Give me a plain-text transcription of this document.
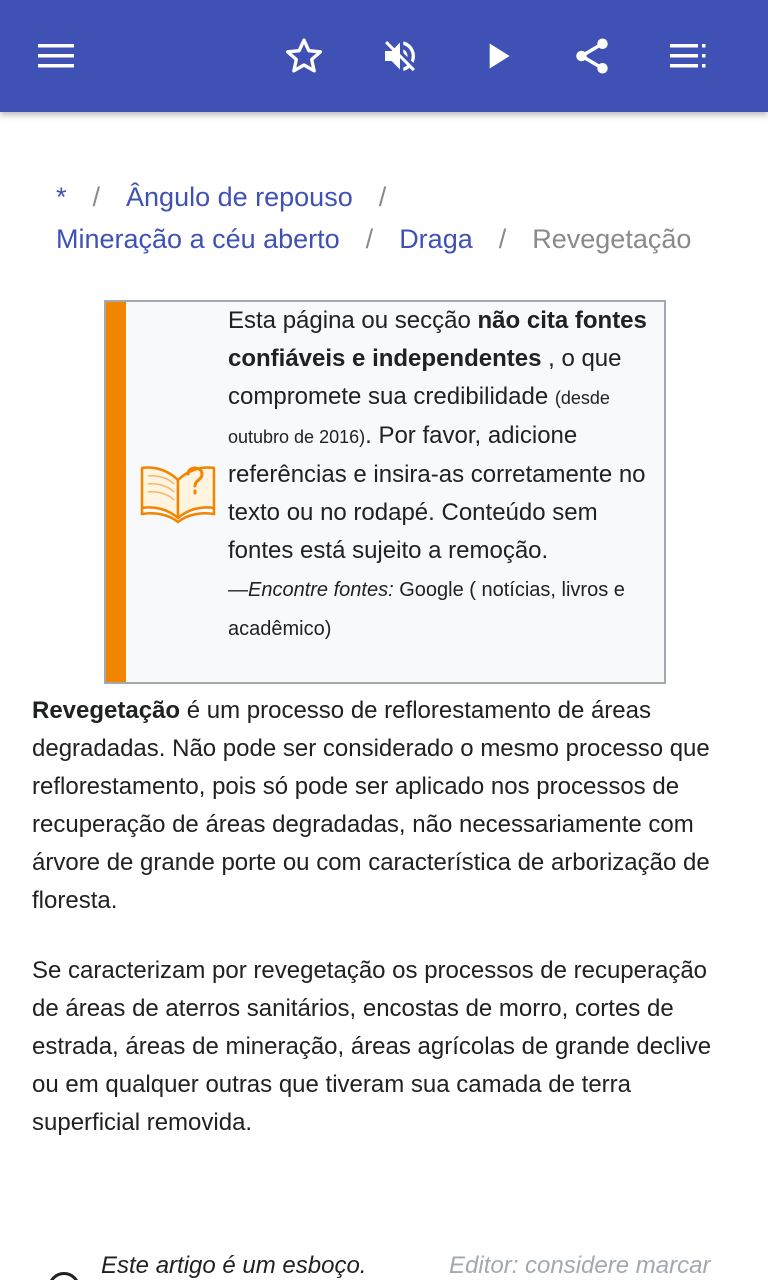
* / Ângulo de repouso /
Mineração a céu aberto / Draga / Revegetação
Esta página ou secção não cita fontes confiáveis e independentes , o que compromete sua credibilidade (desde outubro de 2016). Por favor, adicione referências e insira-as corretamente no texto ou no rodapé. Conteúdo sem fontes está sujeito a remoção.
—Encontre fontes: Google ( notícias, livros e acadêmico)

Revegetação é um processo de reflorestamento de áreas degradadas. Não pode ser considerado o mesmo processo que reflorestamento, pois só pode ser aplicado nos processos de recuperação de áreas degradadas, não necessariamente com árvore de grande porte ou com característica de arborização de floresta.

Se caracterizam por revegetação os processos de recuperação de áreas de aterros sanitários, encostas de morro, cortes de estrada, áreas de mineração, áreas agrícolas de grande declive ou em qualquer outras que tiveram sua camada de terra superficial removida.

Este artigo é um esboço.	Editor: considere marcar
